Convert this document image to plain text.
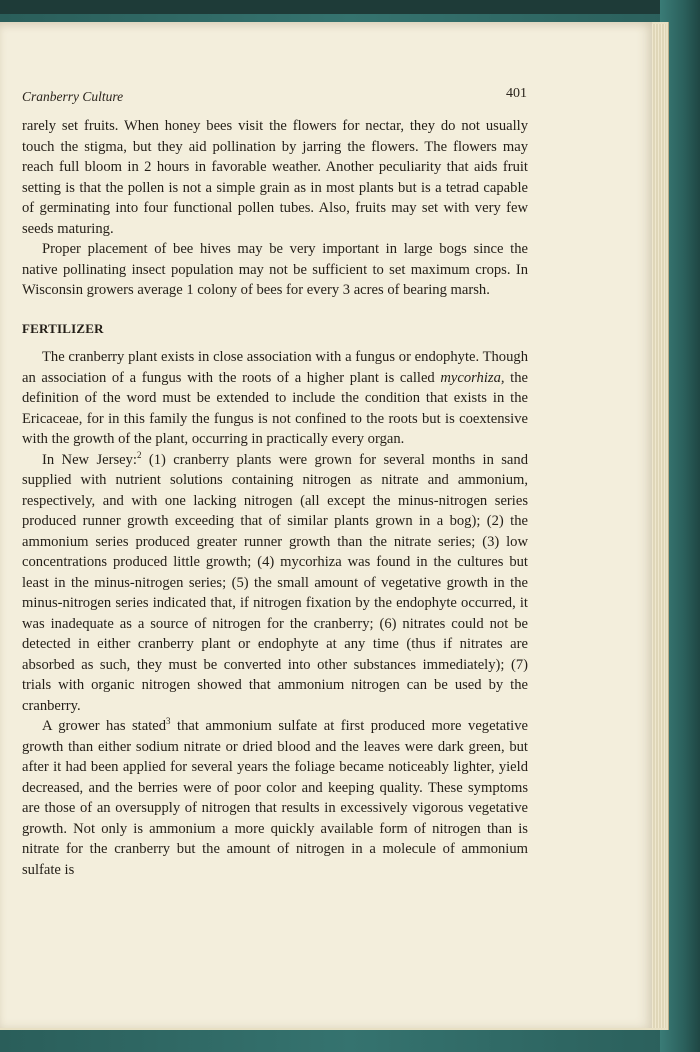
Cranberry Culture	401

rarely set fruits. When honey bees visit the flowers for nectar, they do not usually touch the stigma, but they aid pollination by jarring the flowers. The flowers may reach full bloom in 2 hours in favorable weather. Another peculiarity that aids fruit setting is that the pollen is not a simple grain as in most plants but is a tetrad capable of germinating into four functional pollen tubes. Also, fruits may set with very few seeds maturing.

Proper placement of bee hives may be very important in large bogs since the native pollinating insect population may not be sufficient to set maximum crops. In Wisconsin growers average 1 colony of bees for every 3 acres of bearing marsh.

FERTILIZER

The cranberry plant exists in close association with a fungus or endophyte. Though an association of a fungus with the roots of a higher plant is called mycorhiza, the definition of the word must be extended to include the condition that exists in the Ericaceae, for in this family the fungus is not confined to the roots but is coextensive with the growth of the plant, occurring in practically every organ.

In New Jersey:$^2$ (1) cranberry plants were grown for several months in sand supplied with nutrient solutions containing nitrogen as nitrate and ammonium, respectively, and with one lacking nitrogen (all except the minus-nitrogen series produced runner growth exceeding that of similar plants grown in a bog); (2) the ammonium series produced greater runner growth than the nitrate series; (3) low concentrations produced little growth; (4) mycorhiza was found in the cultures but least in the minus-nitrogen series; (5) the small amount of vegetative growth in the minus-nitrogen series indicated that, if nitrogen fixation by the endophyte occurred, it was inadequate as a source of nitrogen for the cranberry; (6) nitrates could not be detected in either cranberry plant or endophyte at any time (thus if nitrates are absorbed as such, they must be converted into other substances immediately); (7) trials with organic nitrogen showed that ammonium nitrogen can be used by the cranberry.

A grower has stated$^3$ that ammonium sulfate at first produced more vegetative growth than either sodium nitrate or dried blood and the leaves were dark green, but after it had been applied for several years the foliage became noticeably lighter, yield decreased, and the berries were of poor color and keeping quality. These symptoms are those of an oversupply of nitrogen that results in excessively vigorous vegetative growth. Not only is ammonium a more quickly available form of nitrogen than is nitrate for the cranberry but the amount of nitrogen in a molecule of ammonium sulfate is
